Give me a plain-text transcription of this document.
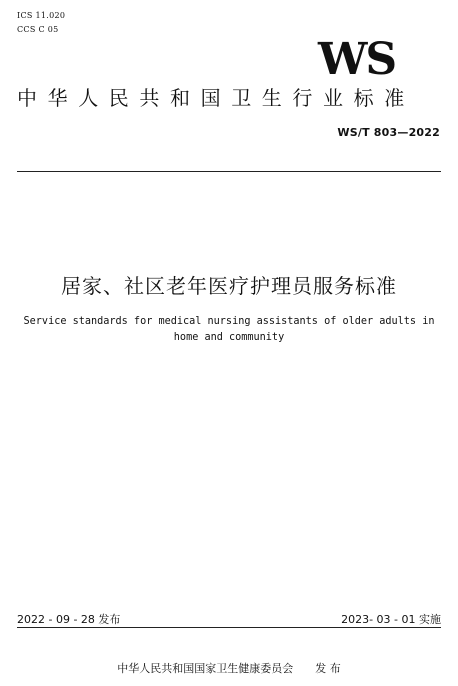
ICS 11.020
CCS C 05
WS
中华人民共和国卫生行业标准
WS/T 803—2022
居家、社区老年医疗护理员服务标准
Service standards for medical nursing assistants of older adults in home and community
2022 - 09 - 28 发布	2023- 03 - 01 实施
中华人民共和国国家卫生健康委员会 发 布
